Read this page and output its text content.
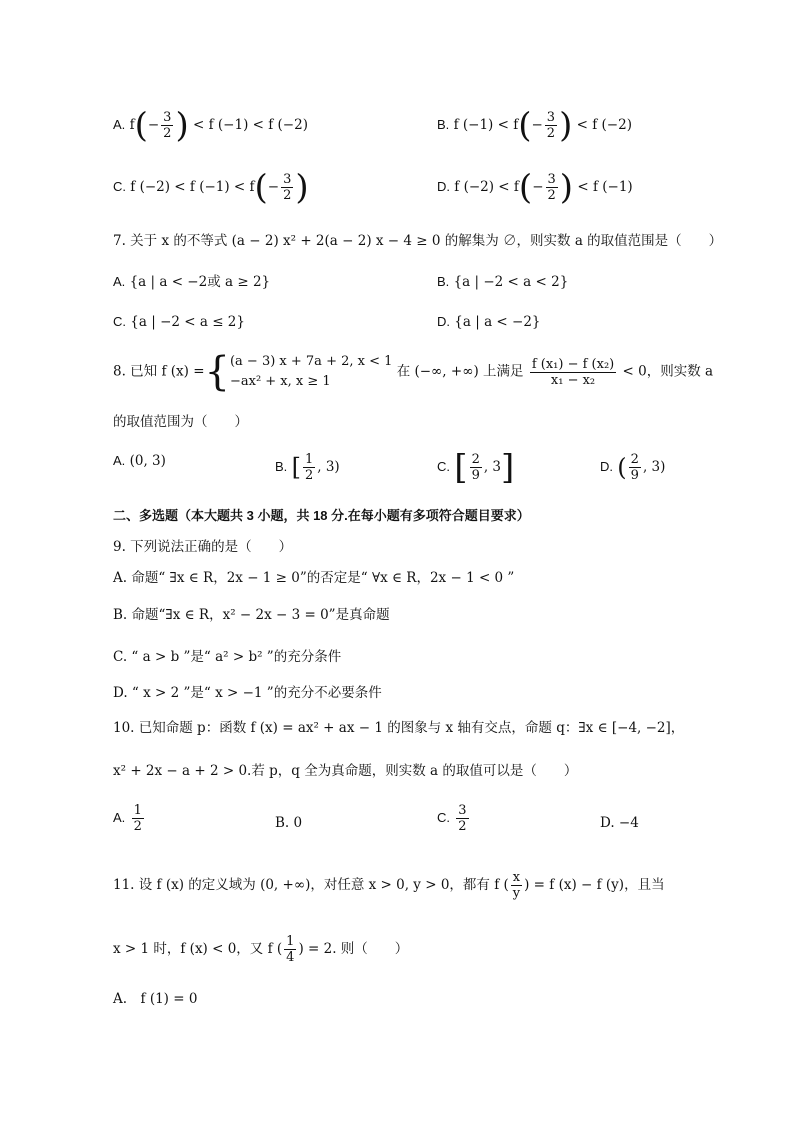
A. $f(- \frac{3}{2}$ ) < f (−1) < f (−2)	B. f $(-1) < f(- \frac{3}{2}$ ) < f (−2)
C. f (−2) < f $(-1) < f(- \frac{3}{2}$ )	D. f $(-2) < f(- \frac{3}{2}$ ) < f (−1)
7. 关于 x 的不等式 (a − 2) x² + 2(a − 2) x − 4 ≥ 0 的解集为 ∅，则实数 a 的取值范围是（　　）
A. {a | a < −2或 a ≥ 2}	B. {a | −2 < a < 2}
C. {a | −2 < a ≤ 2}	D. {a | a < −2}
8. 已知 f (x) ={ (a − 3) x + 7a + 2, x < 1
−ax² + x, x ≥ 1
在 (−∞, +∞) 上满足 $\frac{\text{f (x₁) − f (x₂)}}{\text{x₁ − x₂}} < 0$，则实数 a
的取值范围为（　　）
A. (0, 3)	B. [ $\frac{1}{2}$ , 3)	C. [ $\frac{2}{9}$ , 3]	D. ( $\frac{2}{9}$ , 3)
二、多选题（本大题共 3 小题，共 18 分.在每小题有多项符合题目要求）
9. 下列说法正确的是（　　）
A. 命题“ ∃x ∈ R，2x − 1 ≥ 0”的否定是“ ∀x ∈ R，2x − 1 < 0 ”
B. 命题“∃x ∈ R，x² − 2x − 3 = 0”是真命题
C. “ a > b ”是“ a² > b² ”的充分条件
D. “ x > 2 ”是“ x > −1 ”的充分不必要条件
10. 已知命题 p：函数 f (x) = ax² + ax − 1 的图象与 x 轴有交点，命题 q：∃x ∈ [−4, −2]，
x² + 2x − a + 2 > 0.若 p，q 全为真命题，则实数 a 的取值可以是（　　）
A. $\frac{1}{2}$	B. 0	C. $\frac{3}{2}$	D. −4
11. 设 f (x) 的定义域为 (0, +∞)，对任意 x > 0, y > 0，都有 f ( $\frac{x}{y}$ ) = f (x) − f (y)，且当
x > 1 时，f (x) < 0，又 f ( $\frac{1}{4}$ ) = 2. 则（　　）
A.　f (1) = 0
